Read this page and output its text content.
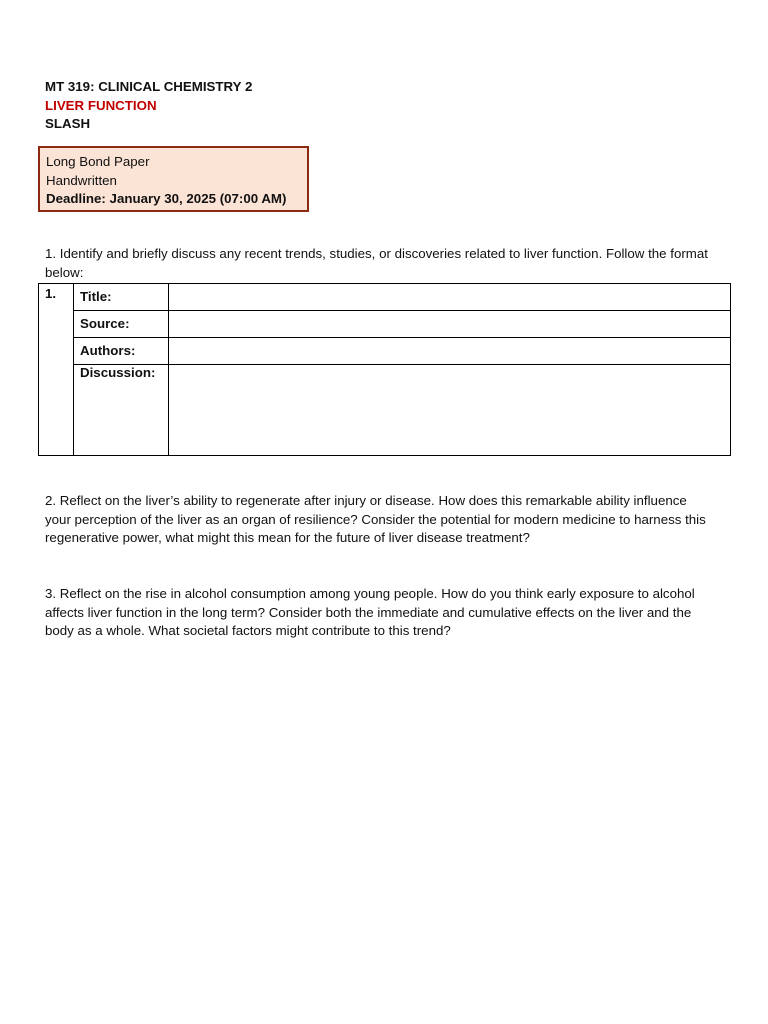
MT 319: CLINICAL CHEMISTRY 2
LIVER FUNCTION
SLASH
Long Bond Paper
Handwritten
Deadline: January 30, 2025 (07:00 AM)
1. Identify and briefly discuss any recent trends, studies, or discoveries related to liver function. Follow the format below:
1. Title:
Source:
Authors:
Discussion:
2. Reflect on the liver’s ability to regenerate after injury or disease. How does this remarkable ability influence your perception of the liver as an organ of resilience? Consider the potential for modern medicine to harness this regenerative power, what might this mean for the future of liver disease treatment?
3. Reflect on the rise in alcohol consumption among young people. How do you think early exposure to alcohol affects liver function in the long term? Consider both the immediate and cumulative effects on the liver and the body as a whole. What societal factors might contribute to this trend?
